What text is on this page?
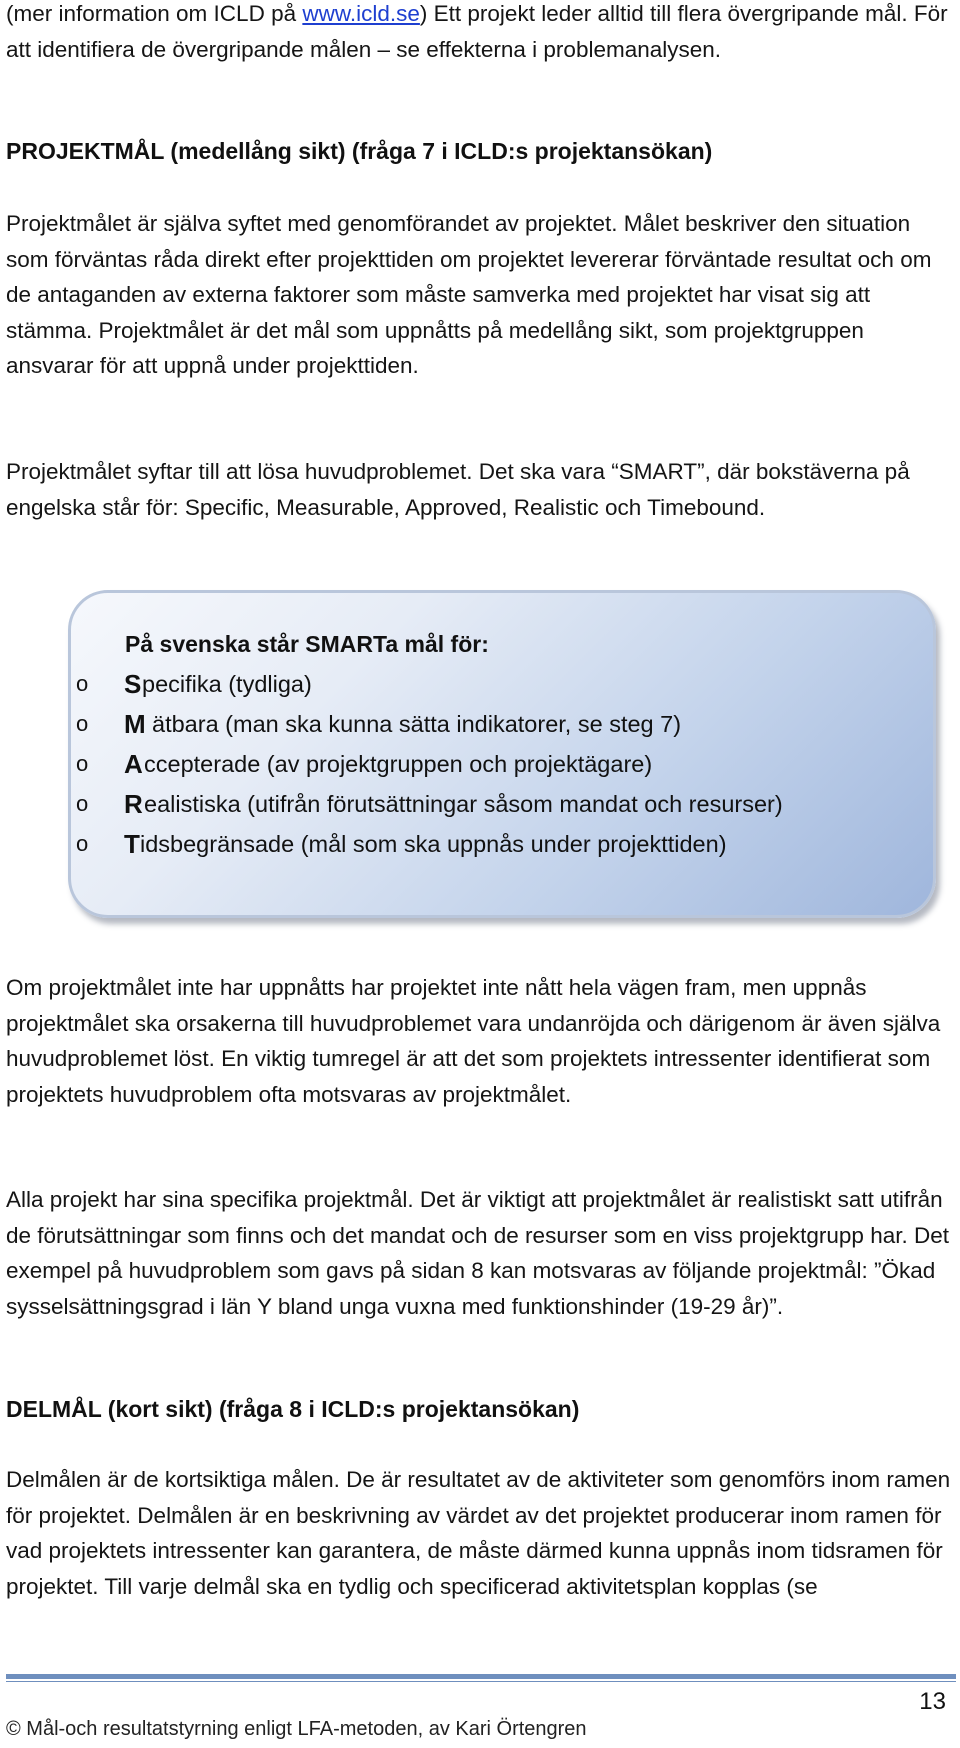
(mer information om ICLD på www.icld.se) Ett projekt leder alltid till flera övergripande mål. För att identifiera de övergripande målen – se effekterna i problemanalysen.

PROJEKTMÅL (medellång sikt) (fråga 7 i ICLD:s projektansökan)

Projektmålet är själva syftet med genomförandet av projektet. Målet beskriver den situation som förväntas råda direkt efter projekttiden om projektet levererar förväntade resultat och om de antaganden av externa faktorer som måste samverka med projektet har visat sig att stämma. Projektmålet är det mål som uppnåtts på medellång sikt, som projektgruppen ansvarar för att uppnå under projekttiden.

Projektmålet syftar till att lösa huvudproblemet. Det ska vara “SMART”, där bokstäverna på engelska står för: Specific, Measurable, Approved, Realistic och Timebound.

På svenska står SMARTa mål för:
o	S pecifika (tydliga)
o	M ätbara (man ska kunna sätta indikatorer, se steg 7)
o	A ccepterade (av projektgruppen och projektägare)
o	R ealistiska (utifrån förutsättningar såsom mandat och resurser)
o	T idsbegränsade (mål som ska uppnås under projekttiden)

Om projektmålet inte har uppnåtts har projektet inte nått hela vägen fram, men uppnås projektmålet ska orsakerna till huvudproblemet vara undanröjda och därigenom är även själva huvudproblemet löst. En viktig tumregel är att det som projektets intressenter identifierat som projektets huvudproblem ofta motsvaras av projektmålet.

Alla projekt har sina specifika projektmål. Det är viktigt att projektmålet är realistiskt satt utifrån de förutsättningar som finns och det mandat och de resurser som en viss projektgrupp har. Det exempel på huvudproblem som gavs på sidan 8 kan motsvaras av följande projektmål: ”Ökad sysselsättningsgrad i län Y bland unga vuxna med funktionshinder (19-29 år)”.

DELMÅL (kort sikt) (fråga 8 i ICLD:s projektansökan)

Delmålen är de kortsiktiga målen. De är resultatet av de aktiviteter som genomförs inom ramen för projektet. Delmålen är en beskrivning av värdet av det projektet producerar inom ramen för vad projektets intressenter kan garantera, de måste därmed kunna uppnås inom tidsramen för projektet. Till varje delmål ska en tydlig och specificerad aktivitetsplan kopplas (se

13
© Mål-och resultatstyrning enligt LFA-metoden, av Kari Örtengren
